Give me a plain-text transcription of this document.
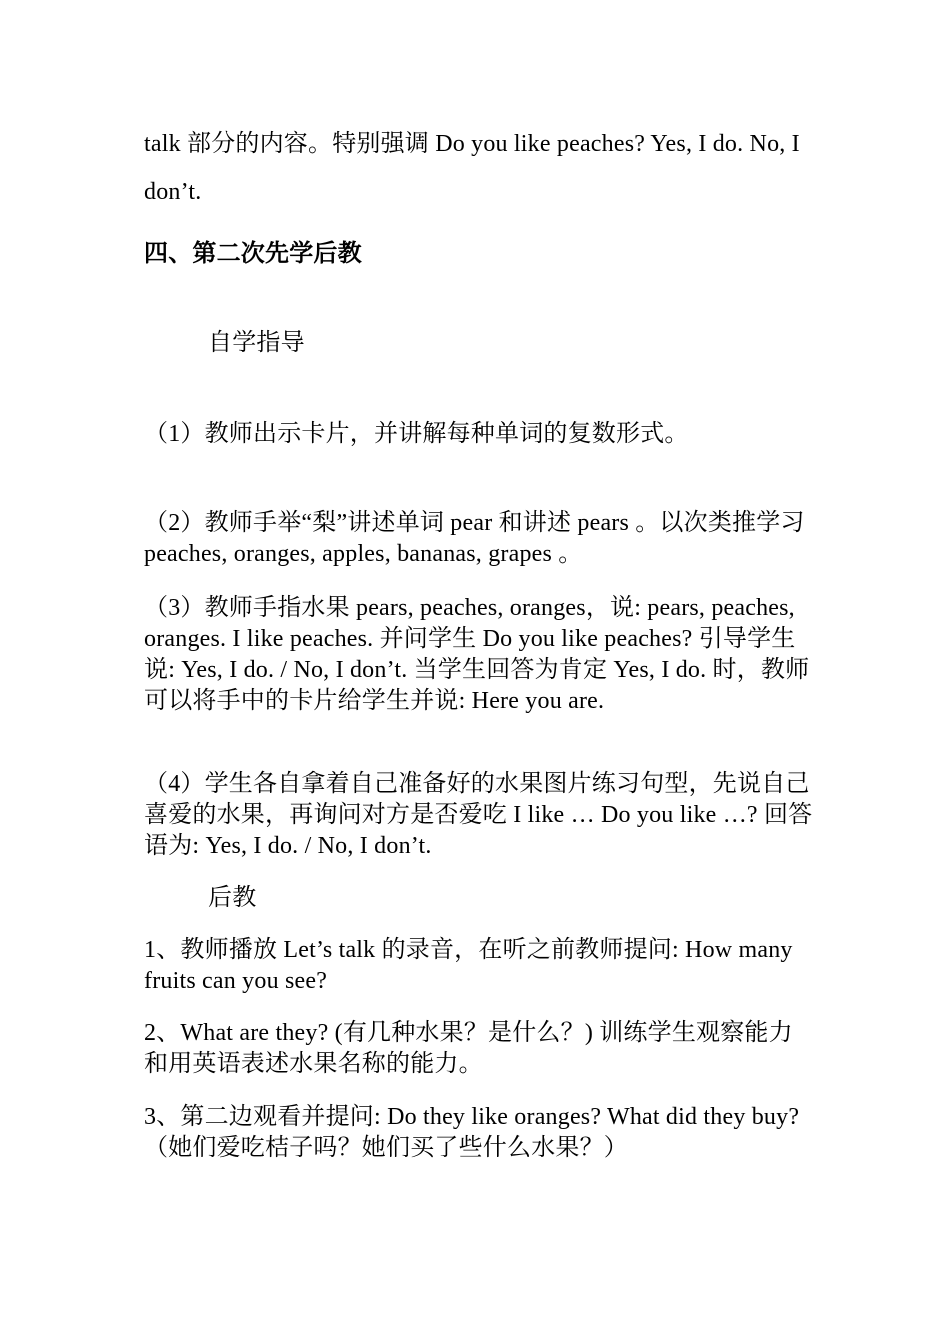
talk 部分的内容。特别强调 Do you like peaches? Yes, I do. No, I don’t.

四、第二次先学后教

自学指导

（1）教师出示卡片，并讲解每种单词的复数形式。

（2）教师手举“梨”讲述单词 pear 和讲述 pears 。以次类推学习 peaches, oranges, apples, bananas, grapes 。

（3）教师手指水果 pears, peaches, oranges，说: pears, peaches, oranges. I like peaches. 并问学生 Do you like peaches? 引导学生说: Yes, I do. / No, I don’t. 当学生回答为肯定 Yes, I do. 时，教师可以将手中的卡片给学生并说: Here you are.

（4）学生各自拿着自己准备好的水果图片练习句型，先说自己喜爱的水果，再询问对方是否爱吃 I like … Do you like …? 回答语为: Yes, I do. / No, I don’t.

后教

1、教师播放 Let’s talk 的录音，在听之前教师提问: How many fruits can you see?

2、What are they? (有几种水果？是什么？) 训练学生观察能力和用英语表述水果名称的能力。

3、第二边观看并提问: Do they like oranges? What did they buy?（她们爱吃桔子吗？她们买了些什么水果？）
